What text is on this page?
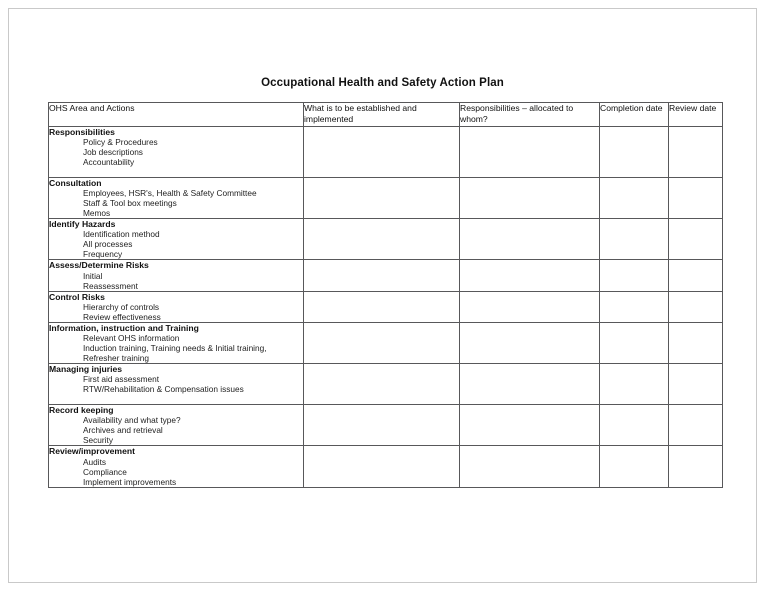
Occupational Health and Safety Action Plan
OHS Area and Actions	What is to be established and implemented	Responsibilities – allocated to whom?	Completion date	Review date

Responsibilities
Policy & Procedures
Job descriptions
Accountability				

Consultation
Employees, HSR's, Health & Safety Committee
Staff & Tool box meetings
Memos				

Identify Hazards
Identification method
All processes
Frequency				

Assess/Determine Risks
Initial
Reassessment				

Control Risks
Hierarchy of controls
Review effectiveness				

Information, instruction and Training
Relevant OHS information
Induction training, Training needs & Initial training,
Refresher training				

Managing injuries
First aid assessment
RTW/Rehabilitation & Compensation issues				

Record keeping
Availability and what type?
Archives and retrieval
Security				

Review/improvement
Audits
Compliance
Implement improvements				
